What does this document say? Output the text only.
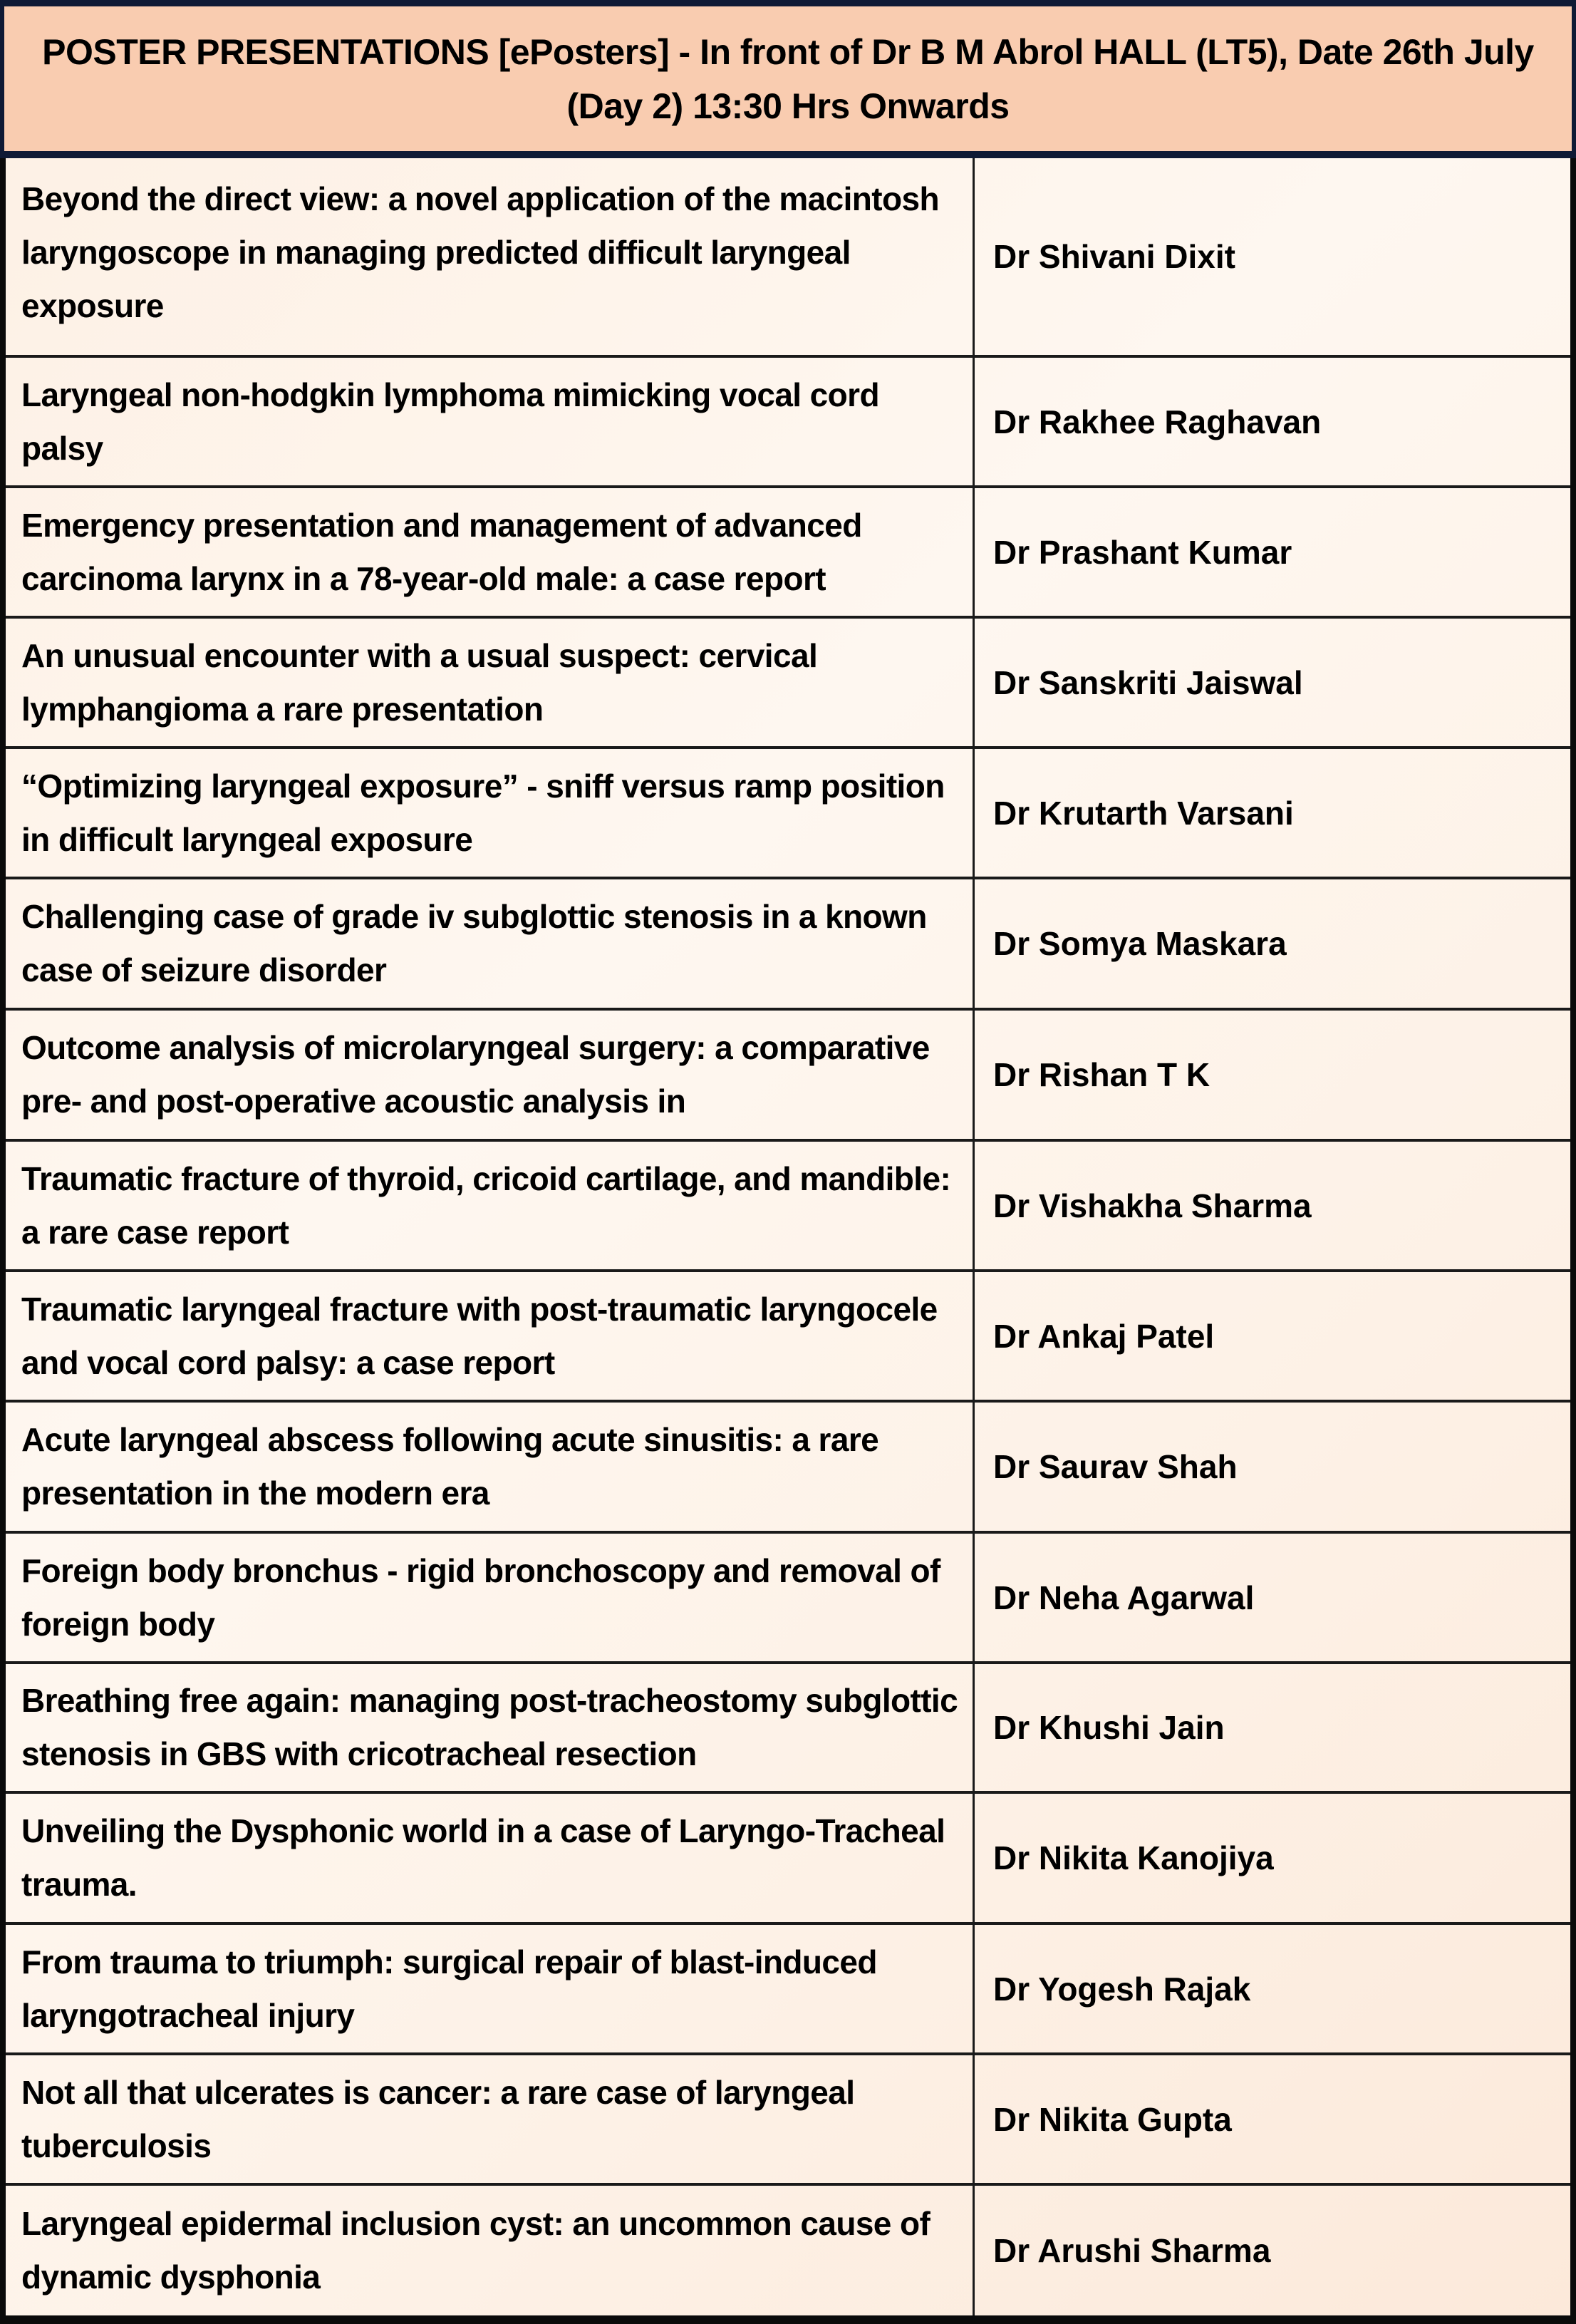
POSTER PRESENTATIONS [ePosters] - In front of Dr B M Abrol HALL (LT5), Date 26th July (Day 2) 13:30 Hrs Onwards
Beyond the direct view: a novel application of the macintosh laryngoscope in managing predicted difficult laryngeal exposure
Dr Shivani Dixit
Laryngeal non-hodgkin lymphoma mimicking vocal cord palsy
Dr Rakhee Raghavan
Emergency presentation and management of advanced carcinoma larynx in a 78-year-old male: a case report
Dr Prashant Kumar
An unusual encounter with a usual suspect: cervical lymphangioma a rare presentation
Dr Sanskriti Jaiswal
“Optimizing laryngeal exposure” - sniff versus ramp position in difficult laryngeal exposure
Dr Krutarth Varsani
Challenging case of grade iv subglottic stenosis in a known case of seizure disorder
Dr Somya Maskara
Outcome analysis of microlaryngeal surgery: a comparative pre- and post-operative acoustic analysis in
Dr Rishan T K
Traumatic fracture of thyroid, cricoid cartilage, and mandible: a rare case report
Dr Vishakha Sharma
Traumatic laryngeal fracture with post-traumatic laryngocele and vocal cord palsy: a case report
Dr Ankaj Patel
Acute laryngeal abscess following acute sinusitis: a rare presentation in the modern era
Dr Saurav Shah
Foreign body bronchus - rigid bronchoscopy and removal of foreign body
Dr Neha Agarwal
Breathing free again: managing post-tracheostomy subglottic stenosis in GBS with cricotracheal resection
Dr Khushi Jain
Unveiling the Dysphonic world in a case of Laryngo-Tracheal trauma.
Dr Nikita Kanojiya
From trauma to triumph: surgical repair of blast-induced laryngotracheal injury
Dr Yogesh Rajak
Not all that ulcerates is cancer: a rare case of laryngeal tuberculosis
Dr Nikita Gupta
Laryngeal epidermal inclusion cyst: an uncommon cause of dynamic dysphonia
Dr Arushi Sharma
